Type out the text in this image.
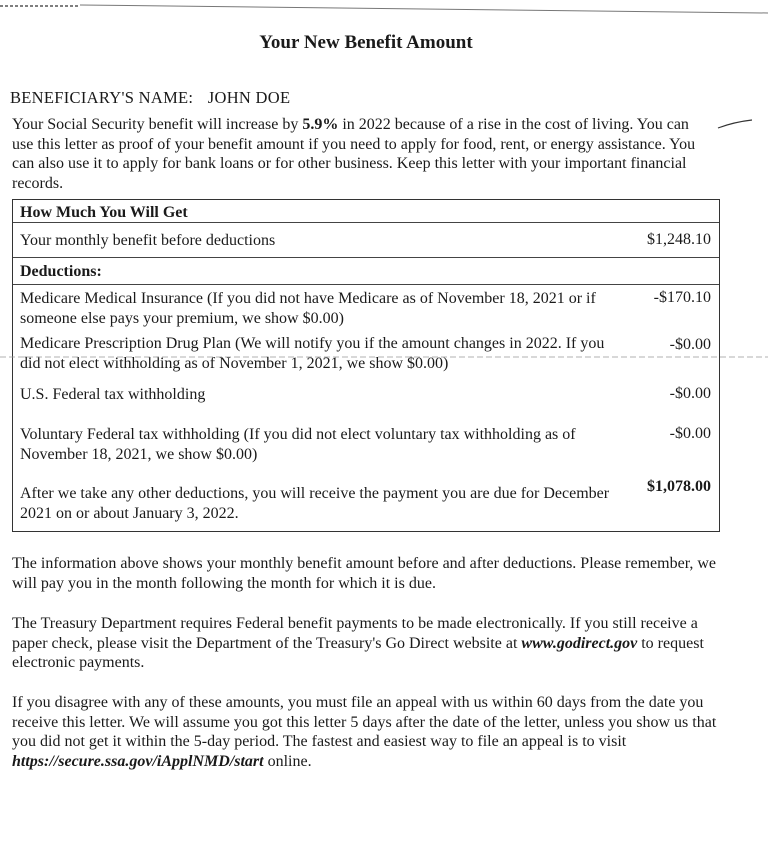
Your New Benefit Amount
BENEFICIARY'S NAME: JOHN DOE
Your Social Security benefit will increase by 5.9% in 2022 because of a rise in the cost of living. You can use this letter as proof of your benefit amount if you need to apply for food, rent, or energy assistance. You can also use it to apply for bank loans or for other business. Keep this letter with your important financial records.
How Much You Will Get
Your monthly benefit before deductions	$1,248.10
Deductions:
Medicare Medical Insurance (If you did not have Medicare as of November 18, 2021 or if someone else pays your premium, we show $0.00)
-$170.10
Medicare Prescription Drug Plan (We will notify you if the amount changes in 2022. If you did not elect withholding as of November 1, 2021, we show $0.00)
-$0.00
U.S. Federal tax withholding	-$0.00
Voluntary Federal tax withholding (If you did not elect voluntary tax withholding as of November 18, 2021, we show $0.00)
-$0.00
After we take any other deductions, you will receive the payment you are due for December 2021 on or about January 3, 2022.
$1,078.00
The information above shows your monthly benefit amount before and after deductions. Please remember, we will pay you in the month following the month for which it is due.
The Treasury Department requires Federal benefit payments to be made electronically. If you still receive a paper check, please visit the Department of the Treasury's Go Direct website at www.godirect.gov to request electronic payments.
If you disagree with any of these amounts, you must file an appeal with us within 60 days from the date you receive this letter. We will assume you got this letter 5 days after the date of the letter, unless you show us that you did not get it within the 5-day period. The fastest and easiest way to file an appeal is to visit https://secure.ssa.gov/iApplNMD/start online.
